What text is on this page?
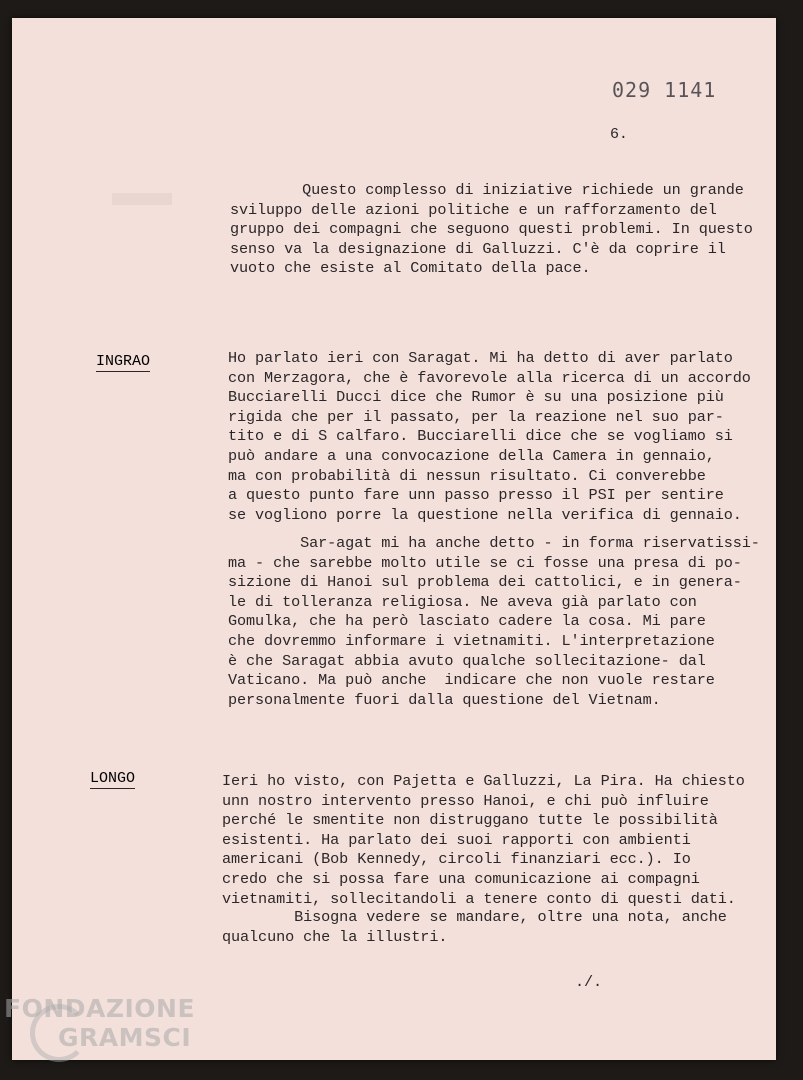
029 1141
6.
Questo complesso di iniziative richiede un grande
sviluppo delle azioni politiche e un rafforzamento del
gruppo dei compagni che seguono questi problemi. In questo
senso va la designazione di Galluzzi. C'è da coprire il
vuoto che esiste al Comitato della pace.
INGRAO	Ho parlato ieri con Saragat. Mi ha detto di aver parlato
con Merzagora, che è favorevole alla ricerca di un accordo
Bucciarelli Ducci dice che Rumor è su una posizione più
rigida che per il passato, per la reazione nel suo par-
tito e di S calfaro. Bucciarelli dice che se vogliamo si
può andare a una convocazione della Camera in gennaio,
ma con probabilità di nessun risultato. Ci converebbe
a questo punto fare unn passo presso il PSI per sentire
se vogliono porre la questione nella verifica di gennaio.
Sar-agat mi ha anche detto - in forma riservatissi-
ma - che sarebbe molto utile se ci fosse una presa di po-
sizione di Hanoi sul problema dei cattolici, e in genera-
le di tolleranza religiosa. Ne aveva già parlato con
Gomulka, che ha però lasciato cadere la cosa. Mi pare
che dovremmo informare i vietnamiti. L'interpretazione
è che Saragat abbia avuto qualche sollecitazione- dal
Vaticano. Ma può anche  indicare che non vuole restare
personalmente fuori dalla questione del Vietnam.
LONGO	Ieri ho visto, con Pajetta e Galluzzi, La Pira. Ha chiesto
unn nostro intervento presso Hanoi, e chi può influire
perché le smentite non distruggano tutte le possibilità
esistenti. Ha parlato dei suoi rapporti con ambienti
americani (Bob Kennedy, circoli finanziari ecc.). Io
credo che si possa fare una comunicazione ai compagni
vietnamiti, sollecitandoli a tenere conto di questi dati.
Bisogna vedere se mandare, oltre una nota, anche
qualcuno che la illustri.
./.
FONDAZIONE
GRAMSCI
